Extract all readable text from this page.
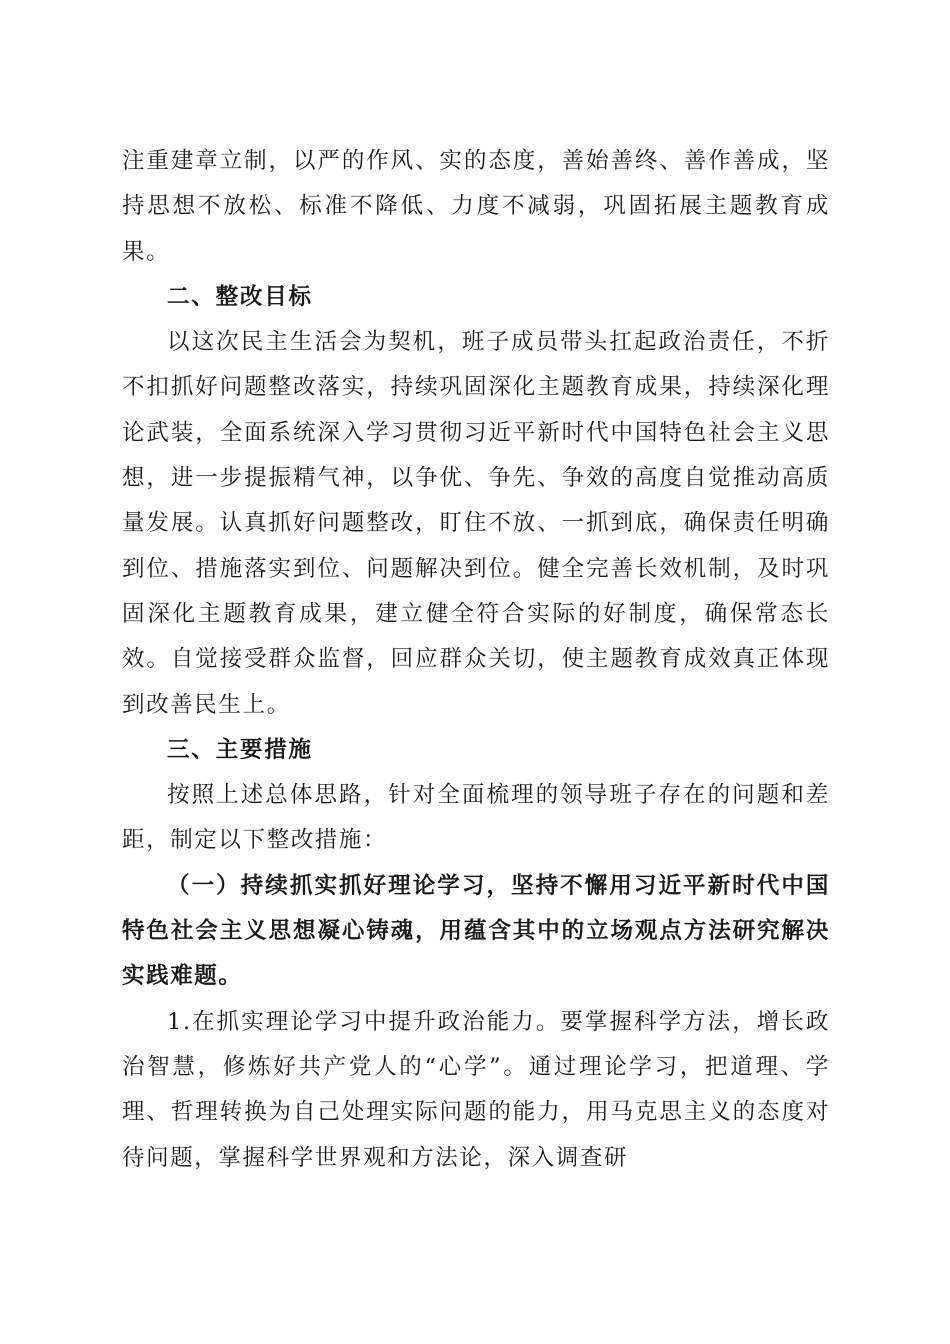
注重建章立制，以严的作风、实的态度，善始善终、善作善成，坚持思想不放松、标准不降低、力度不减弱，巩固拓展主题教育成果。

二、整改目标

以这次民主生活会为契机，班子成员带头扛起政治责任，不折不扣抓好问题整改落实，持续巩固深化主题教育成果，持续深化理论武装，全面系统深入学习贯彻习近平新时代中国特色社会主义思想，进一步提振精气神，以争优、争先、争效的高度自觉推动高质量发展。认真抓好问题整改，盯住不放、一抓到底，确保责任明确到位、措施落实到位、问题解决到位。健全完善长效机制，及时巩固深化主题教育成果，建立健全符合实际的好制度，确保常态长效。自觉接受群众监督，回应群众关切，使主题教育成效真正体现到改善民生上。

三、主要措施

按照上述总体思路，针对全面梳理的领导班子存在的问题和差距，制定以下整改措施：

（一）持续抓实抓好理论学习，坚持不懈用习近平新时代中国特色社会主义思想凝心铸魂，用蕴含其中的立场观点方法研究解决实践难题。

1.在抓实理论学习中提升政治能力。要掌握科学方法，增长政治智慧，修炼好共产党人的“心学”。通过理论学习，把道理、学理、哲理转换为自己处理实际问题的能力，用马克思主义的态度对待问题，掌握科学世界观和方法论，深入调查研
